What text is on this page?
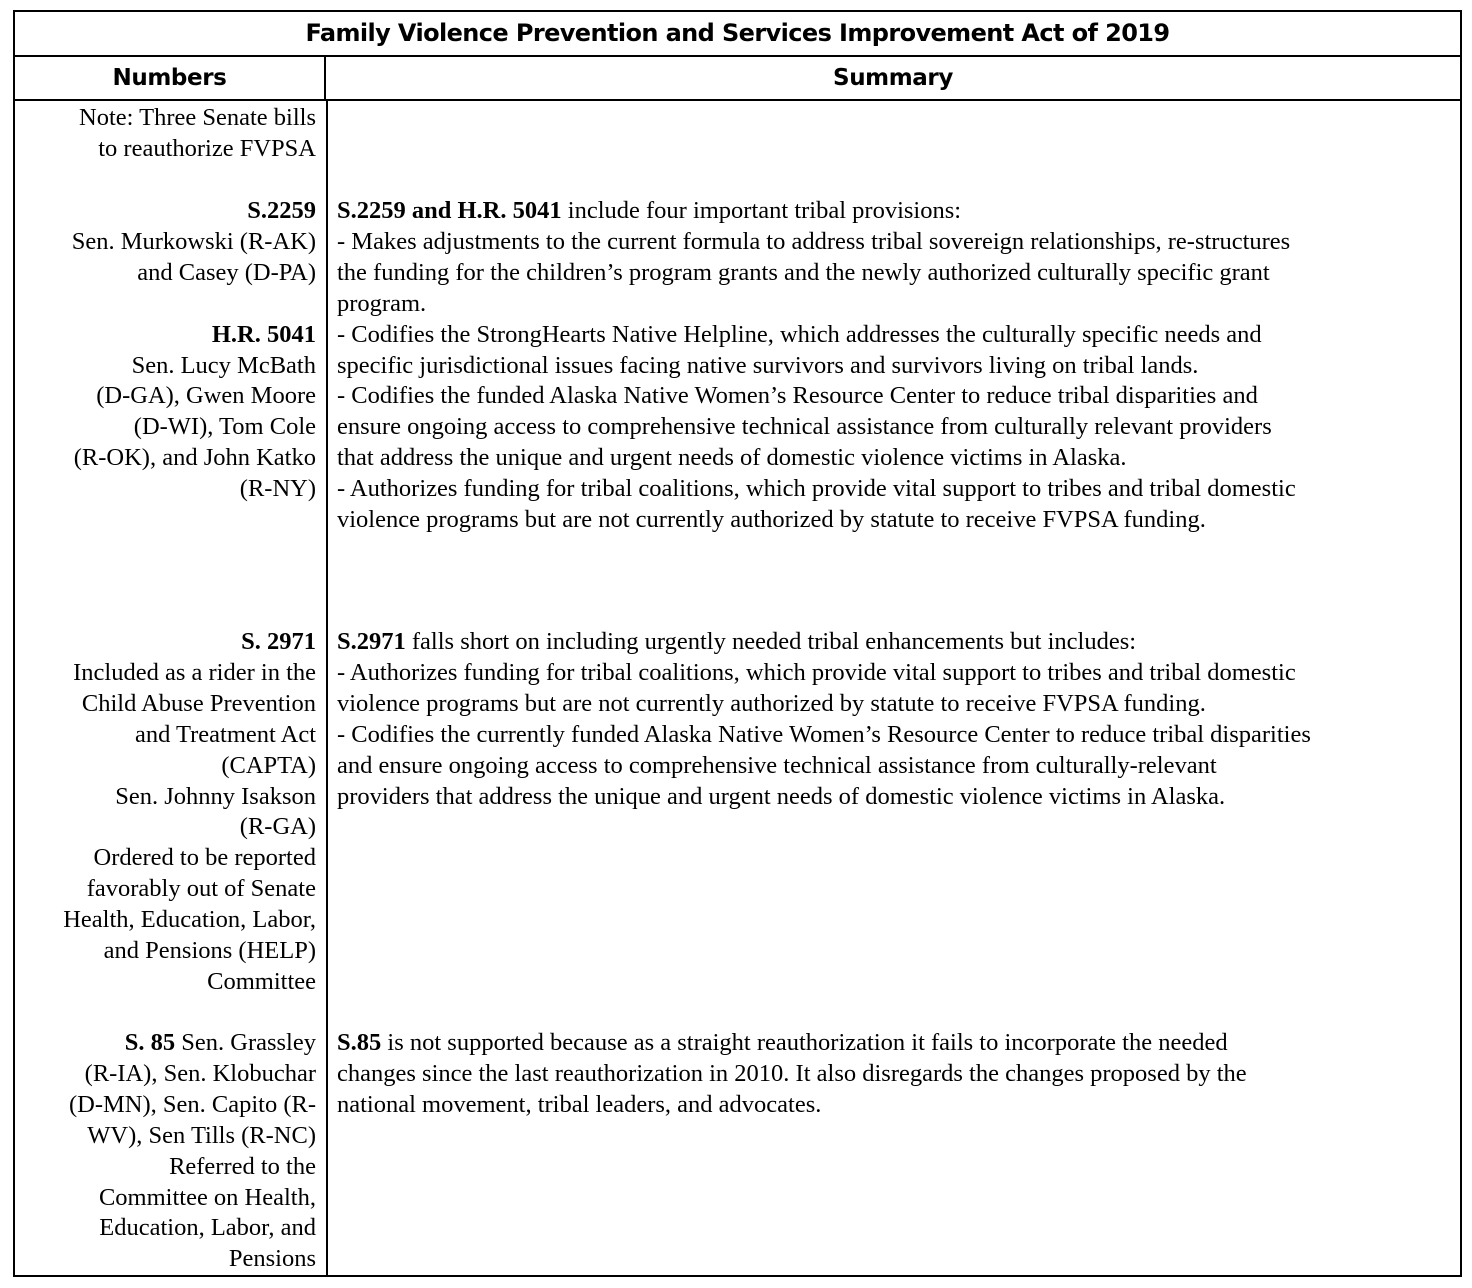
Family Violence Prevention and Services Improvement Act of 2019
Numbers	Summary
Note: Three Senate bills
to reauthorize FVPSA
S.2259
Sen. Murkowski (R-AK)
and Casey (D-PA)
H.R. 5041
Sen. Lucy McBath
(D-GA), Gwen Moore
(D-WI), Tom Cole
(R-OK), and John Katko
(R-NY)
S.2259 and H.R. 5041 include four important tribal provisions:
- Makes adjustments to the current formula to address tribal sovereign relationships, re-structures
the funding for the children’s program grants and the newly authorized culturally specific grant
program.
- Codifies the StrongHearts Native Helpline, which addresses the culturally specific needs and
specific jurisdictional issues facing native survivors and survivors living on tribal lands.
- Codifies the funded Alaska Native Women’s Resource Center to reduce tribal disparities and
ensure ongoing access to comprehensive technical assistance from culturally relevant providers
that address the unique and urgent needs of domestic violence victims in Alaska.
- Authorizes funding for tribal coalitions, which provide vital support to tribes and tribal domestic
violence programs but are not currently authorized by statute to receive FVPSA funding.
S. 2971
Included as a rider in the
Child Abuse Prevention
and Treatment Act
(CAPTA)
Sen. Johnny Isakson
(R-GA)
Ordered to be reported
favorably out of Senate
Health, Education, Labor,
and Pensions (HELP)
Committee
S.2971 falls short on including urgently needed tribal enhancements but includes:
- Authorizes funding for tribal coalitions, which provide vital support to tribes and tribal domestic
violence programs but are not currently authorized by statute to receive FVPSA funding.
- Codifies the currently funded Alaska Native Women’s Resource Center to reduce tribal disparities
and ensure ongoing access to comprehensive technical assistance from culturally-relevant
providers that address the unique and urgent needs of domestic violence victims in Alaska.
S. 85 Sen. Grassley
(R-IA), Sen. Klobuchar
(D-MN), Sen. Capito (R-
WV), Sen Tills (R-NC)
Referred to the
Committee on Health,
Education, Labor, and
Pensions
S.85 is not supported because as a straight reauthorization it fails to incorporate the needed
changes since the last reauthorization in 2010. It also disregards the changes proposed by the
national movement, tribal leaders, and advocates.
